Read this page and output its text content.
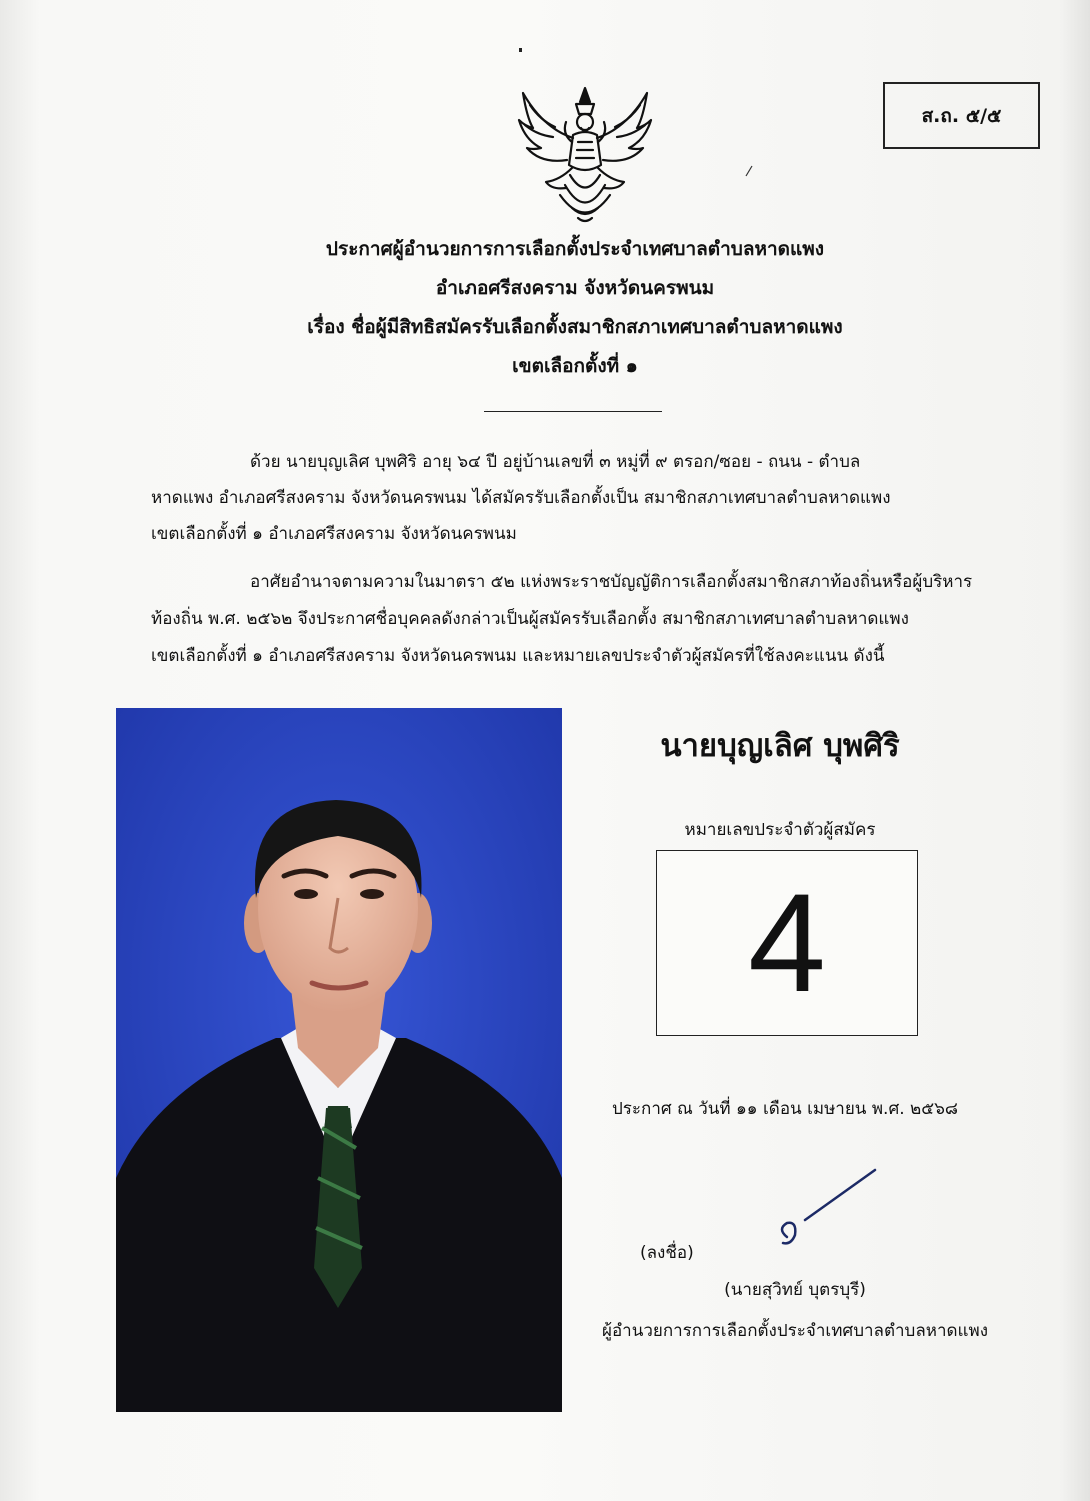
ส.ถ. ๕/๕
ประกาศผู้อำนวยการการเลือกตั้งประจำเทศบาลตำบลหาดแพง
อำเภอศรีสงคราม จังหวัดนครพนม
เรื่อง ชื่อผู้มีสิทธิสมัครรับเลือกตั้งสมาชิกสภาเทศบาลตำบลหาดแพง
เขตเลือกตั้งที่ ๑
ด้วย นายบุญเลิศ บุพศิริ อายุ ๖๔ ปี อยู่บ้านเลขที่ ๓ หมู่ที่ ๙ ตรอก/ซอย - ถนน - ตำบล
หาดแพง อำเภอศรีสงคราม จังหวัดนครพนม ได้สมัครรับเลือกตั้งเป็น สมาชิกสภาเทศบาลตำบลหาดแพง
เขตเลือกตั้งที่ ๑ อำเภอศรีสงคราม จังหวัดนครพนม
อาศัยอำนาจตามความในมาตรา ๕๒ แห่งพระราชบัญญัติการเลือกตั้งสมาชิกสภาท้องถิ่นหรือผู้บริหาร
ท้องถิ่น พ.ศ. ๒๕๖๒ จึงประกาศชื่อบุคคลดังกล่าวเป็นผู้สมัครรับเลือกตั้ง สมาชิกสภาเทศบาลตำบลหาดแพง
เขตเลือกตั้งที่ ๑ อำเภอศรีสงคราม จังหวัดนครพนม และหมายเลขประจำตัวผู้สมัครที่ใช้ลงคะแนน ดังนี้
นายบุญเลิศ บุพศิริ
หมายเลขประจำตัวผู้สมัคร
4
ประกาศ ณ วันที่ ๑๑ เดือน เมษายน พ.ศ. ๒๕๖๘
(ลงชื่อ)
(นายสุวิทย์ บุตรบุรี)
ผู้อำนวยการการเลือกตั้งประจำเทศบาลตำบลหาดแพง
